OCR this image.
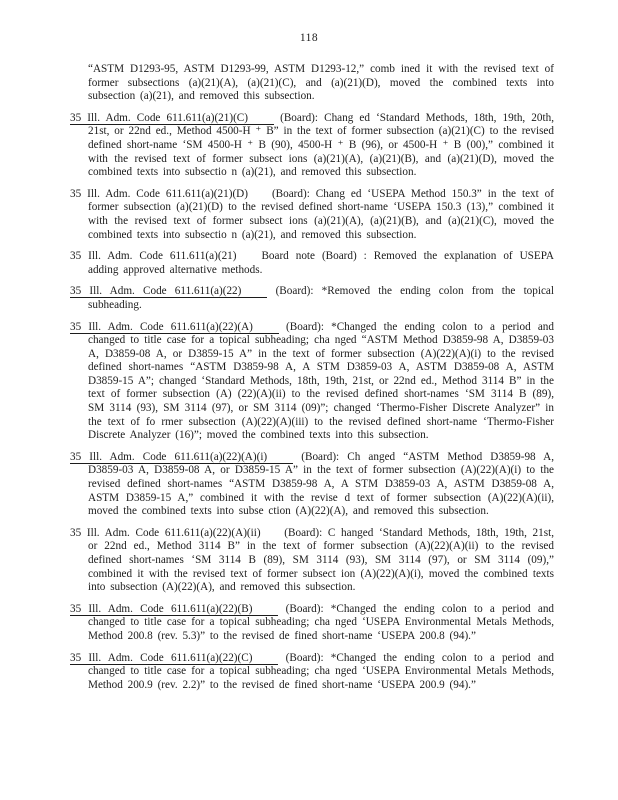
118

“ASTM D1293-95, ASTM D1293-99, ASTM D1293-12,” comb ined it with the revised text of former subsections (a)(21)(A), (a)(21)(C), and (a)(21)(D), moved the combined texts into subsection (a)(21), and removed this subsection.

35 Ill. Adm. Code 611.611(a)(21)(C)	(Board): Chang ed ‘Standard Methods, 18th, 19th, 20th, 21st, or 22nd ed., Method 4500-H ⁺ B” in the text of former subsection (a)(21)(C) to the revised defined short-name ‘SM 4500-H ⁺ B (90), 4500-H ⁺ B (96), or 4500-H ⁺ B (00),” combined it with the revised text of former subsect ions (a)(21)(A), (a)(21)(B), and (a)(21)(D), moved the combined texts into subsectio n (a)(21), and removed this subsection.

35 Ill. Adm. Code 611.611(a)(21)(D) (Board): Chang ed ‘USEPA Method 150.3” in the text of former subsection (a)(21)(D) to the revised defined short-name ‘USEPA 150.3 (13),” combined it with the revised text of former subsect ions (a)(21)(A), (a)(21)(B), and (a)(21)(C), moved the combined texts into subsectio n (a)(21), and removed this subsection.

35 Ill. Adm. Code 611.611(a)(21) Board note (Board) : Removed the explanation of USEPA adding approved alternative methods.

35 Ill. Adm. Code 611.611(a)(22)	(Board): *Removed the ending colon from the topical subheading.

35 Ill. Adm. Code 611.611(a)(22)(A)	(Board): *Changed the ending colon to a period and changed to title case for a topical subheading; cha nged “ASTM Method D3859-98 A, D3859-03 A, D3859-08 A, or D3859-15 A” in the text of former subsection (A)(22)(A)(i) to the revised defined short-names “ASTM D3859-98 A, A STM D3859-03 A, ASTM D3859-08 A, ASTM D3859-15 A”; changed ‘Standard Methods, 18th, 19th, 21st, or 22nd ed., Method 3114 B” in the text of former subsection (A) (22)(A)(ii) to the revised defined short-names ‘SM 3114 B (89), SM 3114 (93), SM 3114 (97), or SM 3114 (09)”; changed ‘Thermo-Fisher Discrete Analyzer” in the text of fo rmer subsection (A)(22)(A)(iii) to the revised defined short-name ‘Thermo-Fisher Discrete Analyzer (16)”; moved the combined texts into this subsection.

35 Ill. Adm. Code 611.611(a)(22)(A)(i)	(Board): Ch anged “ASTM Method D3859-98 A, D3859-03 A, D3859-08 A, or D3859-15 A” in the text of former subsection (A)(22)(A)(i) to the revised defined short-names “ASTM D3859-98 A, A STM D3859-03 A, ASTM D3859-08 A, ASTM D3859-15 A,” combined it with the revise d text of former subsection (A)(22)(A)(ii), moved the combined texts into subse ction (A)(22)(A), and removed this subsection.

35 Ill. Adm. Code 611.611(a)(22)(A)(ii) (Board): C hanged ‘Standard Methods, 18th, 19th, 21st, or 22nd ed., Method 3114 B” in the text of former subsection (A)(22)(A)(ii) to the revised defined short-names ‘SM 3114 B (89), SM 3114 (93), SM 3114 (97), or SM 3114 (09),” combined it with the revised text of former subsect ion (A)(22)(A)(i), moved the combined texts into subsection (A)(22)(A), and removed this subsection.

35 Ill. Adm. Code 611.611(a)(22)(B)	(Board): *Changed the ending colon to a period and changed to title case for a topical subheading; cha nged ‘USEPA Environmental Metals Methods, Method 200.8 (rev. 5.3)” to the revised de fined short-name ‘USEPA 200.8 (94).”

35 Ill. Adm. Code 611.611(a)(22)(C)	(Board): *Changed the ending colon to a period and changed to title case for a topical subheading; cha nged ‘USEPA Environmental Metals Methods, Method 200.9 (rev. 2.2)” to the revised de fined short-name ‘USEPA 200.9 (94).”
